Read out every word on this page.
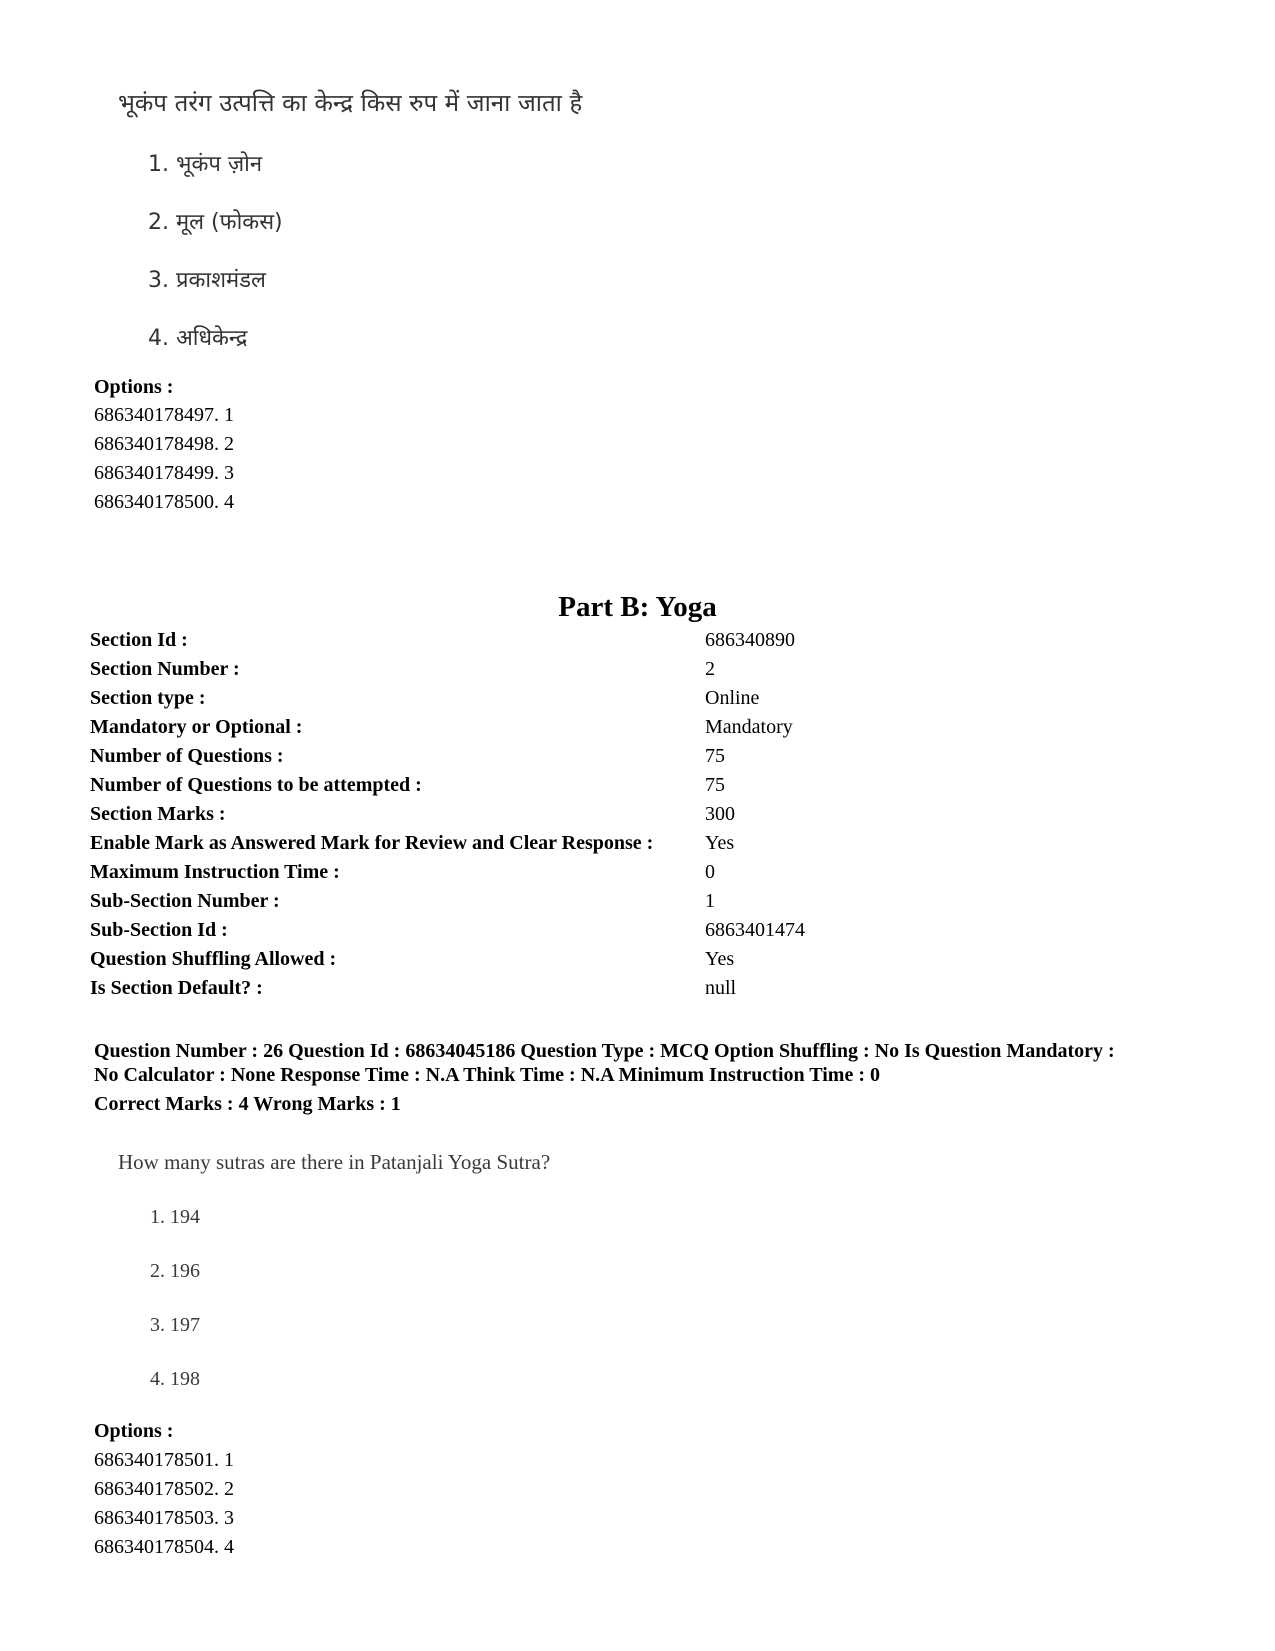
भूकंप तरंग उत्पत्ति का केन्द्र किस रुप में जाना जाता है
1. भूकंप ज़ोन
2. मूल (फोकस)
3. प्रकाशमंडल
4. अधिकेन्द्र
Options :
686340178497. 1
686340178498. 2
686340178499. 3
686340178500. 4
Part B: Yoga
Section Id :	686340890
Section Number :	2
Section type :	Online
Mandatory or Optional :	Mandatory
Number of Questions :	75
Number of Questions to be attempted :	75
Section Marks :	300
Enable Mark as Answered Mark for Review and Clear Response :	Yes
Maximum Instruction Time :	0
Sub-Section Number :	1
Sub-Section Id :	6863401474
Question Shuffling Allowed :	Yes
Is Section Default? :	null
Question Number : 26 Question Id : 68634045186 Question Type : MCQ Option Shuffling : No Is Question Mandatory :
No Calculator : None Response Time : N.A Think Time : N.A Minimum Instruction Time : 0
Correct Marks : 4 Wrong Marks : 1
How many sutras are there in Patanjali Yoga Sutra?
1. 194
2. 196
3. 197
4. 198
Options :
686340178501. 1
686340178502. 2
686340178503. 3
686340178504. 4
